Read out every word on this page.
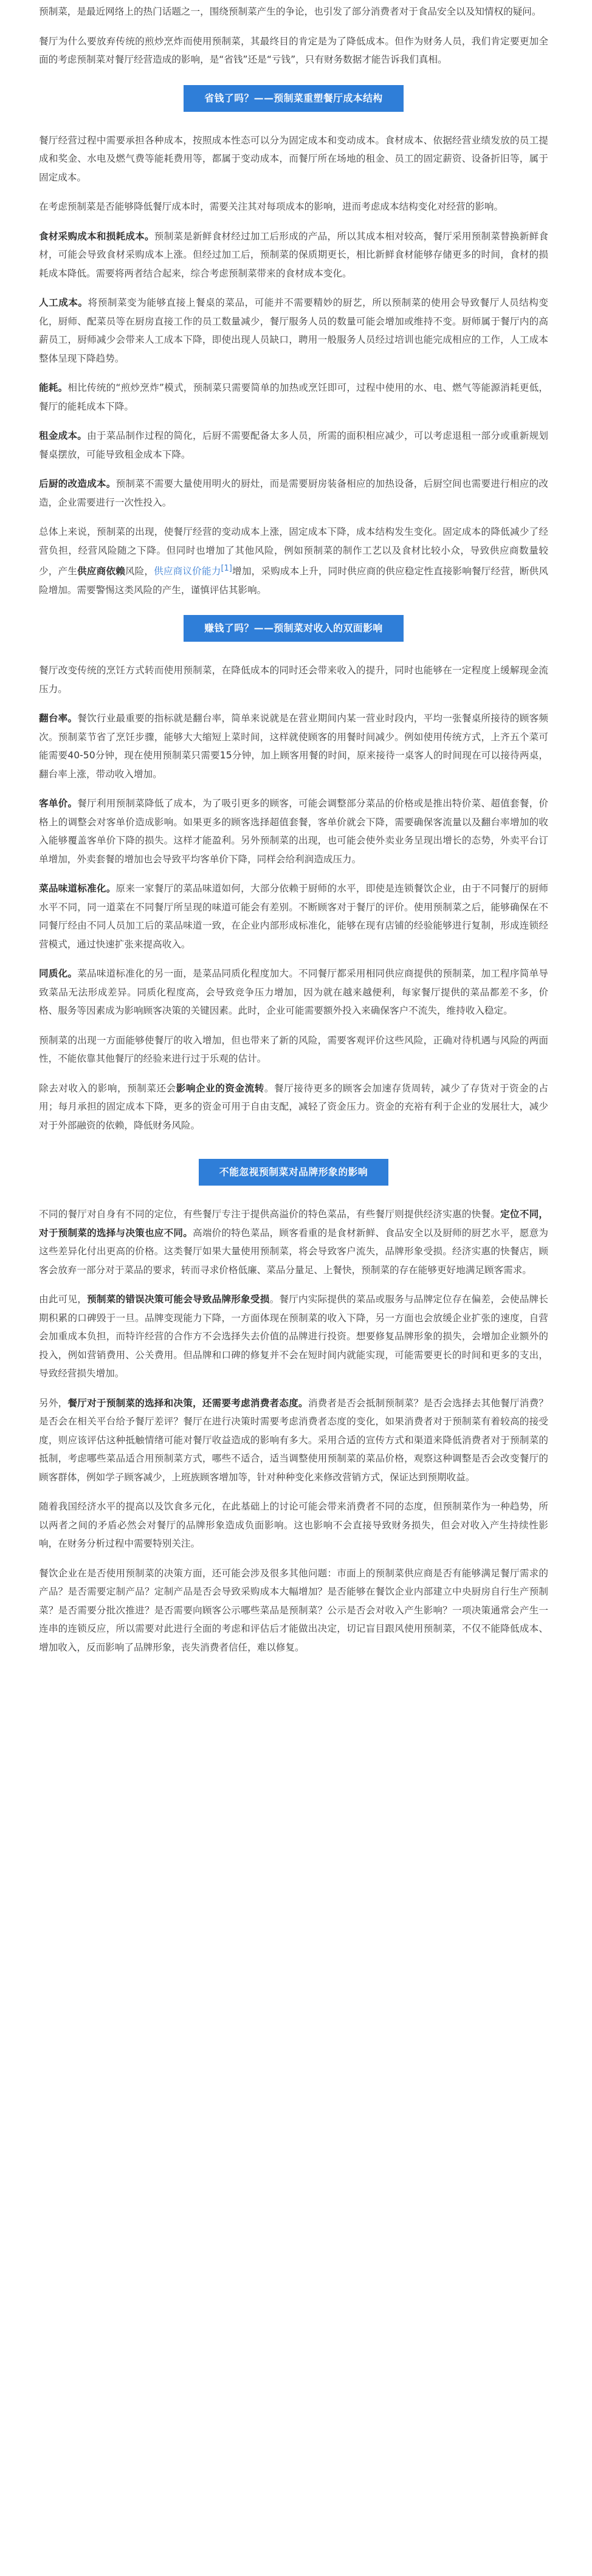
预制菜，是最近网络上的热门话题之一，围绕预制菜产生的争论，也引发了部分消费者对于食品安全以及知情权的疑问。

餐厅为什么要放弃传统的煎炒烹炸而使用预制菜，其最终目的肯定是为了降低成本。但作为财务人员，我们肯定要更加全面的考虑预制菜对餐厅经营造成的影响，是“省钱”还是“亏钱”，只有财务数据才能告诉我们真相。

省钱了吗？——预制菜重塑餐厅成本结构

餐厅经营过程中需要承担各种成本，按照成本性态可以分为固定成本和变动成本。食材成本、依据经营业绩发放的员工提成和奖金、水电及燃气费等能耗费用等，都属于变动成本，而餐厅所在场地的租金、员工的固定薪资、设备折旧等，属于固定成本。

在考虑预制菜是否能够降低餐厅成本时，需要关注其对每项成本的影响，进而考虑成本结构变化对经营的影响。

食材采购成本和损耗成本。预制菜是新鲜食材经过加工后形成的产品，所以其成本相对较高，餐厅采用预制菜替换新鲜食材，可能会导致食材采购成本上涨。但经过加工后，预制菜的保质期更长，相比新鲜食材能够存储更多的时间，食材的损耗成本降低。需要将两者结合起来，综合考虑预制菜带来的食材成本变化。

人工成本。将预制菜变为能够直接上餐桌的菜品，可能并不需要精妙的厨艺，所以预制菜的使用会导致餐厅人员结构变化，厨师、配菜员等在厨房直接工作的员工数量减少，餐厅服务人员的数量可能会增加或维持不变。厨师属于餐厅内的高薪员工，厨师减少会带来人工成本下降，即使出现人员缺口，聘用一般服务人员经过培训也能完成相应的工作，人工成本整体呈现下降趋势。

能耗。相比传统的“煎炒烹炸”模式，预制菜只需要简单的加热或烹饪即可，过程中使用的水、电、燃气等能源消耗更低，餐厅的能耗成本下降。

租金成本。由于菜品制作过程的简化，后厨不需要配备太多人员，所需的面积相应减少，可以考虑退租一部分或重新规划餐桌摆放，可能导致租金成本下降。

后厨的改造成本。预制菜不需要大量使用明火的厨灶，而是需要厨房装备相应的加热设备，后厨空间也需要进行相应的改造，企业需要进行一次性投入。

总体上来说，预制菜的出现，使餐厅经营的变动成本上涨，固定成本下降，成本结构发生变化。固定成本的降低减少了经营负担，经营风险随之下降。但同时也增加了其他风险，例如预制菜的制作工艺以及食材比较小众，导致供应商数量较少，产生供应商依赖风险，供应商议价能力[1]增加，采购成本上升，同时供应商的供应稳定性直接影响餐厅经营，断供风险增加。需要警惕这类风险的产生，谨慎评估其影响。

赚钱了吗？——预制菜对收入的双面影响

餐厅改变传统的烹饪方式转而使用预制菜，在降低成本的同时还会带来收入的提升，同时也能够在一定程度上缓解现金流压力。

翻台率。餐饮行业最重要的指标就是翻台率，简单来说就是在营业期间内某一营业时段内，平均一张餐桌所接待的顾客频次。预制菜节省了烹饪步骤，能够大大缩短上菜时间，这样就使顾客的用餐时间减少。例如使用传统方式，上齐五个菜可能需要40-50分钟，现在使用预制菜只需要15分钟，加上顾客用餐的时间，原来接待一桌客人的时间现在可以接待两桌，翻台率上涨，带动收入增加。

客单价。餐厅利用预制菜降低了成本，为了吸引更多的顾客，可能会调整部分菜品的价格或是推出特价菜、超值套餐，价格上的调整会对客单价造成影响。如果更多的顾客选择超值套餐，客单价就会下降，需要确保客流量以及翻台率增加的收入能够覆盖客单价下降的损失。这样才能盈利。另外预制菜的出现，也可能会使外卖业务呈现出增长的态势，外卖平台订单增加，外卖套餐的增加也会导致平均客单价下降，同样会给利润造成压力。

菜品味道标准化。原来一家餐厅的菜品味道如何，大部分依赖于厨师的水平，即使是连锁餐饮企业，由于不同餐厅的厨师水平不同，同一道菜在不同餐厅所呈现的味道可能会有差别。不断顾客对于餐厅的评价。使用预制菜之后，能够确保在不同餐厅经由不同人员加工后的菜品味道一致，在企业内部形成标准化，能够在现有店铺的经验能够进行复制，形成连锁经营模式，通过快速扩张来提高收入。

同质化。菜品味道标准化的另一面，是菜品同质化程度加大。不同餐厅都采用相同供应商提供的预制菜，加工程序简单导致菜品无法形成差异。同质化程度高，会导致竞争压力增加，因为就在越来越便利，每家餐厅提供的菜品都差不多，价格、服务等因素成为影响顾客决策的关键因素。此时，企业可能需要额外投入来确保客户不流失，维持收入稳定。

预制菜的出现一方面能够使餐厅的收入增加，但也带来了新的风险，需要客观评价这些风险，正确对待机遇与风险的两面性，不能依靠其他餐厅的经验来进行过于乐观的估计。

除去对收入的影响，预制菜还会影响企业的资金流转。餐厅接待更多的顾客会加速存货周转，减少了存货对于资金的占用；每月承担的固定成本下降，更多的资金可用于自由支配，减轻了资金压力。资金的充裕有利于企业的发展壮大，减少对于外部融资的依赖，降低财务风险。

不能忽视预制菜对品牌形象的影响

不同的餐厅对自身有不同的定位，有些餐厅专注于提供高溢价的特色菜品，有些餐厅则提供经济实惠的快餐。定位不同，对于预制菜的选择与决策也应不同。高端价的特色菜品，顾客看重的是食材新鲜、食品安全以及厨师的厨艺水平，愿意为这些差异化付出更高的价格。这类餐厅如果大量使用预制菜，将会导致客户流失，品牌形象受损。经济实惠的快餐店，顾客会放弃一部分对于菜品的要求，转而寻求价格低廉、菜品分量足、上餐快，预制菜的存在能够更好地满足顾客需求。

由此可见，预制菜的错误决策可能会导致品牌形象受损。餐厅内实际提供的菜品或服务与品牌定位存在偏差，会使品牌长期积累的口碑毁于一旦。品牌变现能力下降，一方面体现在预制菜的收入下降，另一方面也会放缓企业扩张的速度，自营会加重成本负担，而特许经营的合作方不会选择失去价值的品牌进行投资。想要修复品牌形象的损失，会增加企业额外的投入，例如营销费用、公关费用。但品牌和口碑的修复并不会在短时间内就能实现，可能需要更长的时间和更多的支出，导致经营损失增加。

另外，餐厅对于预制菜的选择和决策，还需要考虑消费者态度。消费者是否会抵制预制菜？是否会选择去其他餐厅消费？是否会在相关平台给予餐厅差评？餐厅在进行决策时需要考虑消费者态度的变化，如果消费者对于预制菜有着较高的接受度，则应该评估这种抵触情绪可能对餐厅收益造成的影响有多大。采用合适的宣传方式和渠道来降低消费者对于预制菜的抵制，考虑哪些菜品适合用预制菜方式，哪些不适合，适当调整使用预制菜的菜品价格，观察这种调整是否会改变餐厅的顾客群体，例如学子顾客减少，上班族顾客增加等，针对种种变化来修改营销方式，保证达到预期收益。

随着我国经济水平的提高以及饮食多元化，在此基础上的讨论可能会带来消费者不同的态度，但预制菜作为一种趋势，所以两者之间的矛盾必然会对餐厅的品牌形象造成负面影响。这也影响不会直接导致财务损失，但会对收入产生持续性影响，在财务分析过程中需要特别关注。

餐饮企业在是否使用预制菜的决策方面，还可能会涉及很多其他问题：市面上的预制菜供应商是否有能够满足餐厅需求的产品？是否需要定制产品？定制产品是否会导致采购成本大幅增加？是否能够在餐饮企业内部建立中央厨房自行生产预制菜？是否需要分批次推进？是否需要向顾客公示哪些菜品是预制菜？公示是否会对收入产生影响？一项决策通常会产生一连串的连锁反应，所以需要对此进行全面的考虑和评估后才能做出决定，切记盲目跟风使用预制菜，不仅不能降低成本、增加收入，反而影响了品牌形象，丧失消费者信任，难以修复。
